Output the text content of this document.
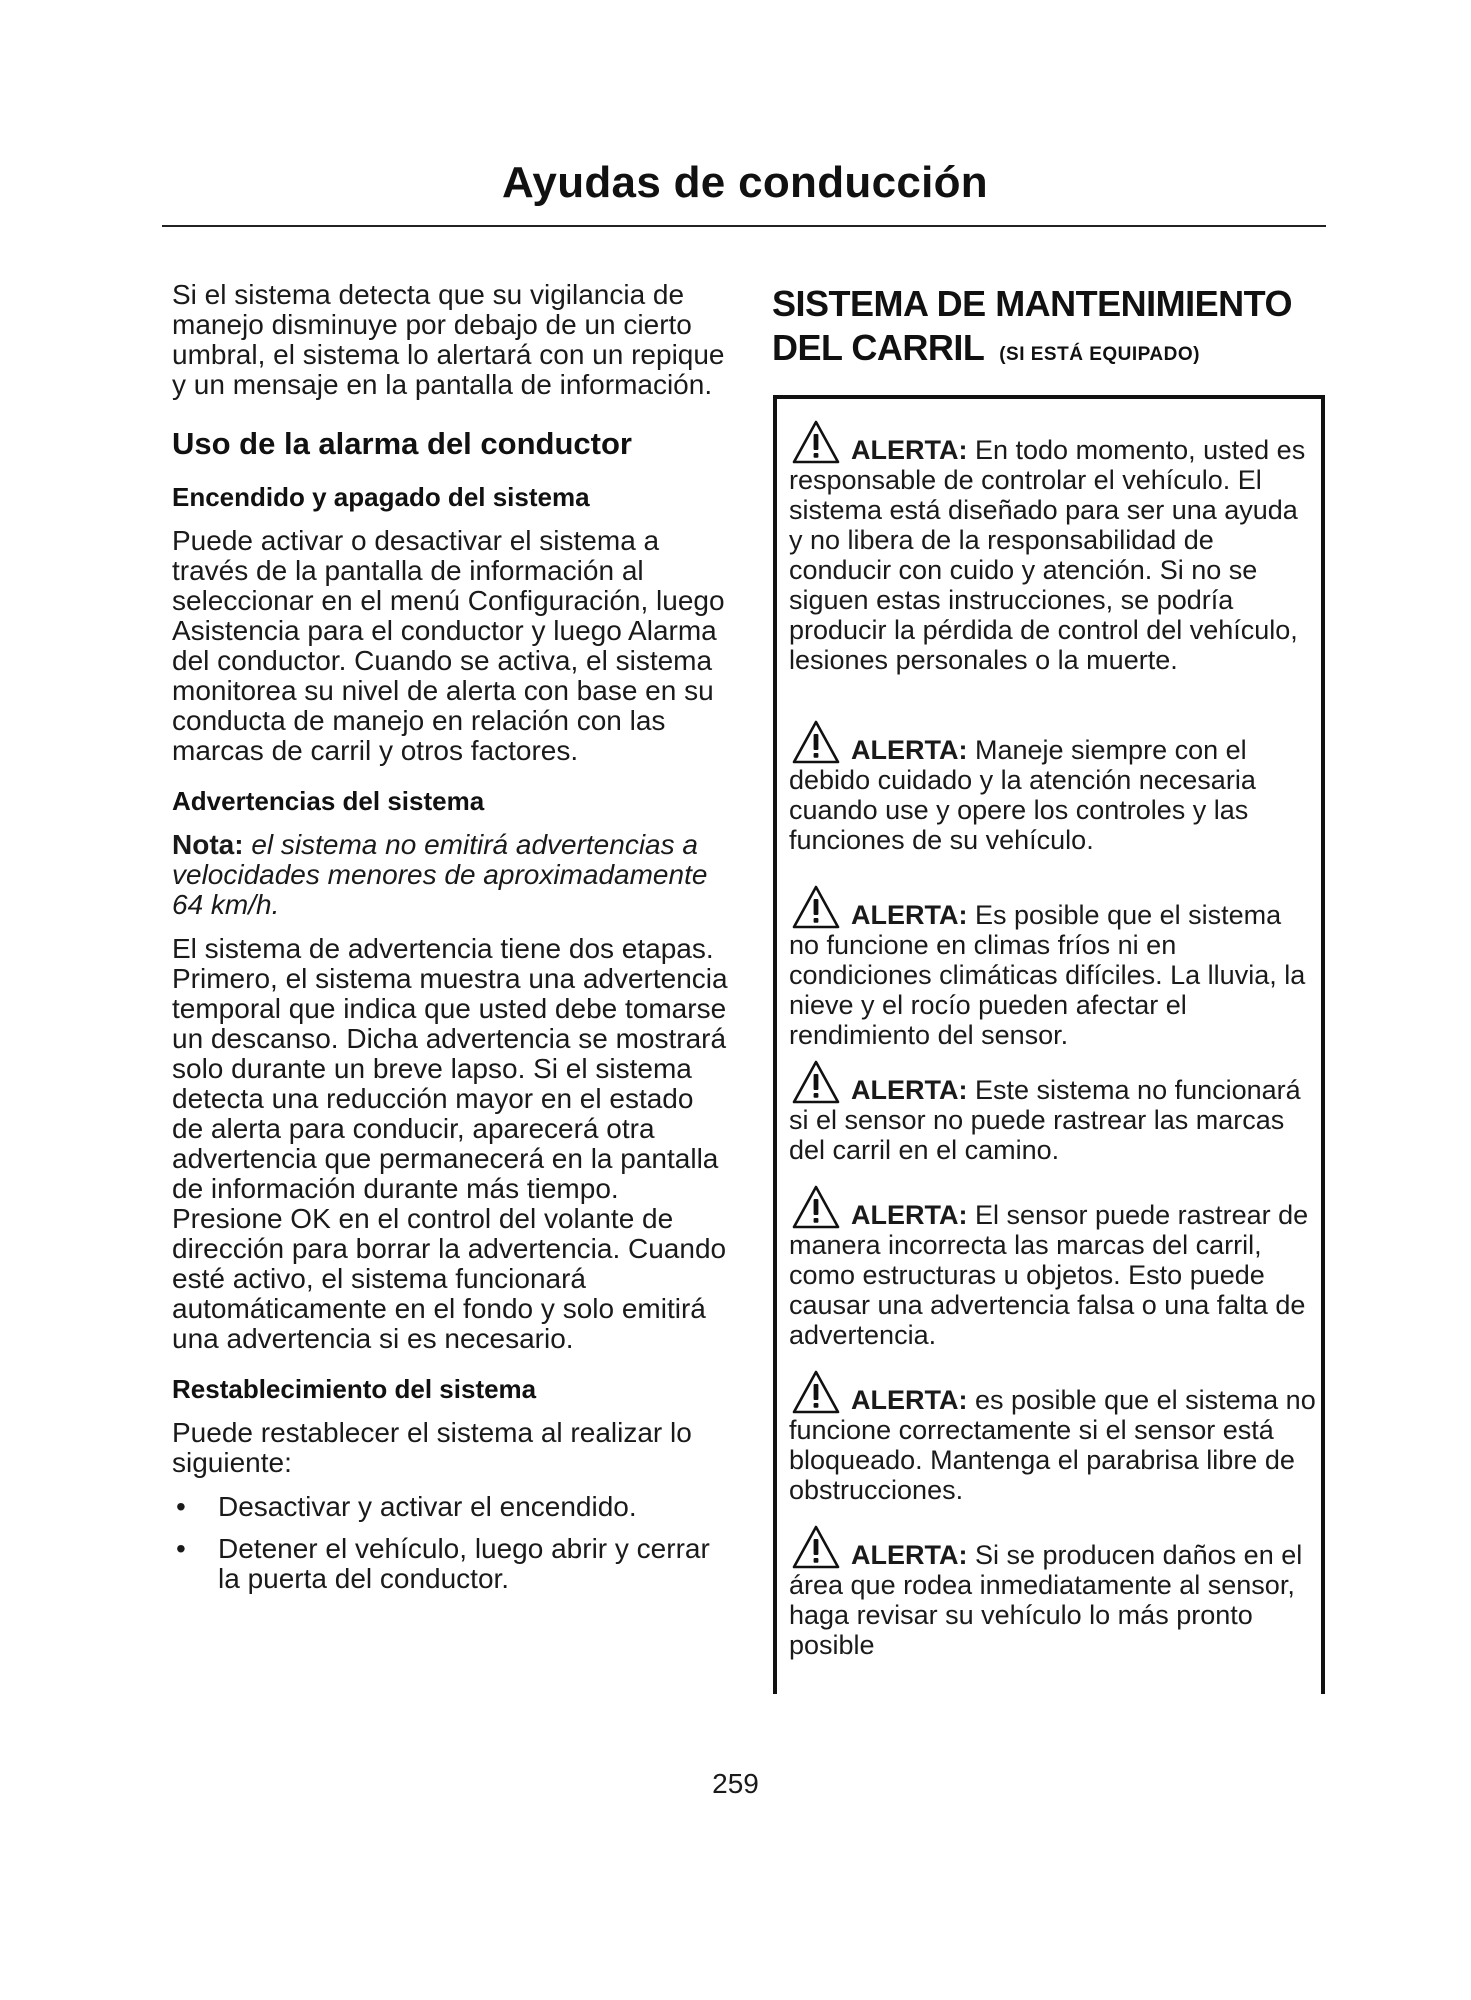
Ayudas de conducción

Si el sistema detecta que su vigilancia de manejo disminuye por debajo de un cierto umbral, el sistema lo alertará con un repique y un mensaje en la pantalla de información.

Uso de la alarma del conductor
Encendido y apagado del sistema

Puede activar o desactivar el sistema a través de la pantalla de información al seleccionar en el menú Configuración, luego Asistencia para el conductor y luego Alarma del conductor. Cuando se activa, el sistema monitorea su nivel de alerta con base en su conducta de manejo en relación con las marcas de carril y otros factores.

Advertencias del sistema

Nota: el sistema no emitirá advertencias a velocidades menores de aproximadamente 64 km/h.

El sistema de advertencia tiene dos etapas. Primero, el sistema muestra una advertencia temporal que indica que usted debe tomarse un descanso. Dicha advertencia se mostrará solo durante un breve lapso. Si el sistema detecta una reducción mayor en el estado de alerta para conducir, aparecerá otra advertencia que permanecerá en la pantalla de información durante más tiempo. Presione OK en el control del volante de dirección para borrar la advertencia. Cuando esté activo, el sistema funcionará automáticamente en el fondo y solo emitirá una advertencia si es necesario.

Restablecimiento del sistema

Puede restablecer el sistema al realizar lo siguiente:

• Desactivar y activar el encendido.
• Detener el vehículo, luego abrir y cerrar la puerta del conductor.
SISTEMA DE MANTENIMIENTO DEL CARRIL (SI ESTÁ EQUIPADO)
ALERTA: En todo momento, usted es responsable de controlar el vehículo. El sistema está diseñado para ser una ayuda y no libera de la responsabilidad de conducir con cuido y atención. Si no se siguen estas instrucciones, se podría producir la pérdida de control del vehículo, lesiones personales o la muerte.
ALERTA: Maneje siempre con el debido cuidado y la atención necesaria cuando use y opere los controles y las funciones de su vehículo.
ALERTA: Es posible que el sistema no funcione en climas fríos ni en condiciones climáticas difíciles. La lluvia, la nieve y el rocío pueden afectar el rendimiento del sensor.
ALERTA: Este sistema no funcionará si el sensor no puede rastrear las marcas del carril en el camino.
ALERTA: El sensor puede rastrear de manera incorrecta las marcas del carril, como estructuras u objetos. Esto puede causar una advertencia falsa o una falta de advertencia.
ALERTA: es posible que el sistema no funcione correctamente si el sensor está bloqueado. Mantenga el parabrisa libre de obstrucciones.
ALERTA: Si se producen daños en el área que rodea inmediatamente al sensor, haga revisar su vehículo lo más pronto posible
259
